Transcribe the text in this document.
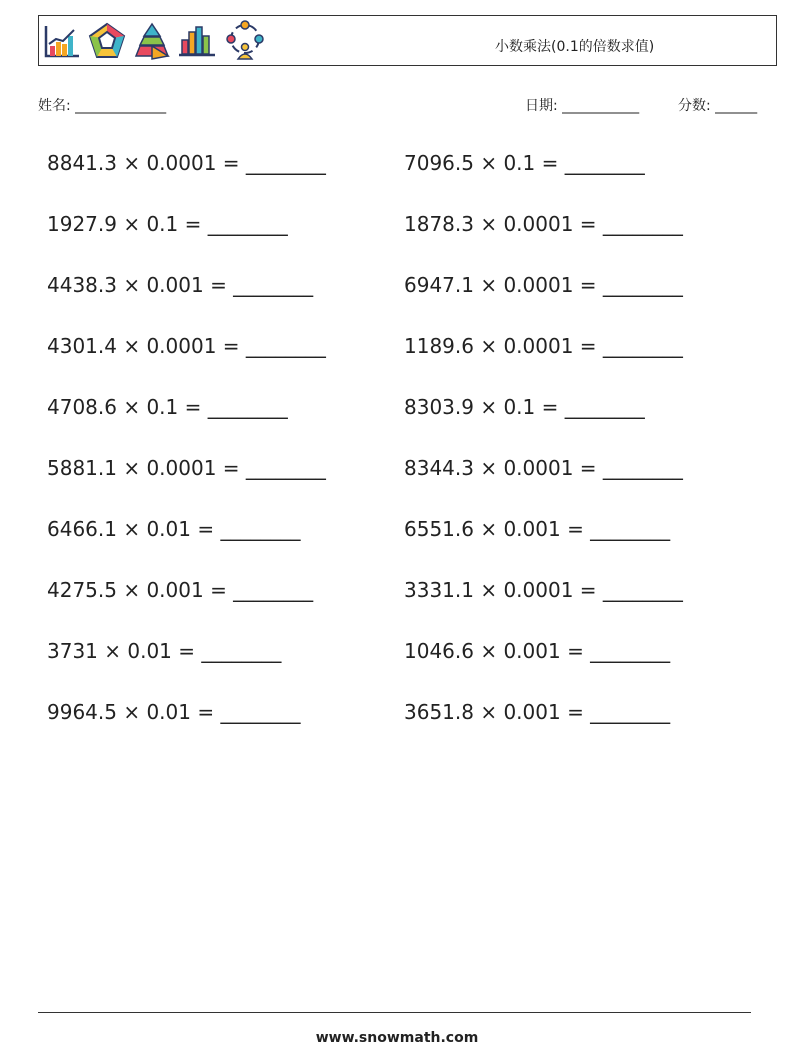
小数乘法(0.1的倍数求值)
姓名: _____________	日期: ___________	分数: ______
8841.3 × 0.0001 = ________	7096.5 × 0.1 = ________
1927.9 × 0.1 = ________	1878.3 × 0.0001 = ________
4438.3 × 0.001 = ________	6947.1 × 0.0001 = ________
4301.4 × 0.0001 = ________	1189.6 × 0.0001 = ________
4708.6 × 0.1 = ________	8303.9 × 0.1 = ________
5881.1 × 0.0001 = ________	8344.3 × 0.0001 = ________
6466.1 × 0.01 = ________	6551.6 × 0.001 = ________
4275.5 × 0.001 = ________	3331.1 × 0.0001 = ________
3731 × 0.01 = ________	1046.6 × 0.001 = ________
9964.5 × 0.01 = ________	3651.8 × 0.001 = ________
www.snowmath.com
